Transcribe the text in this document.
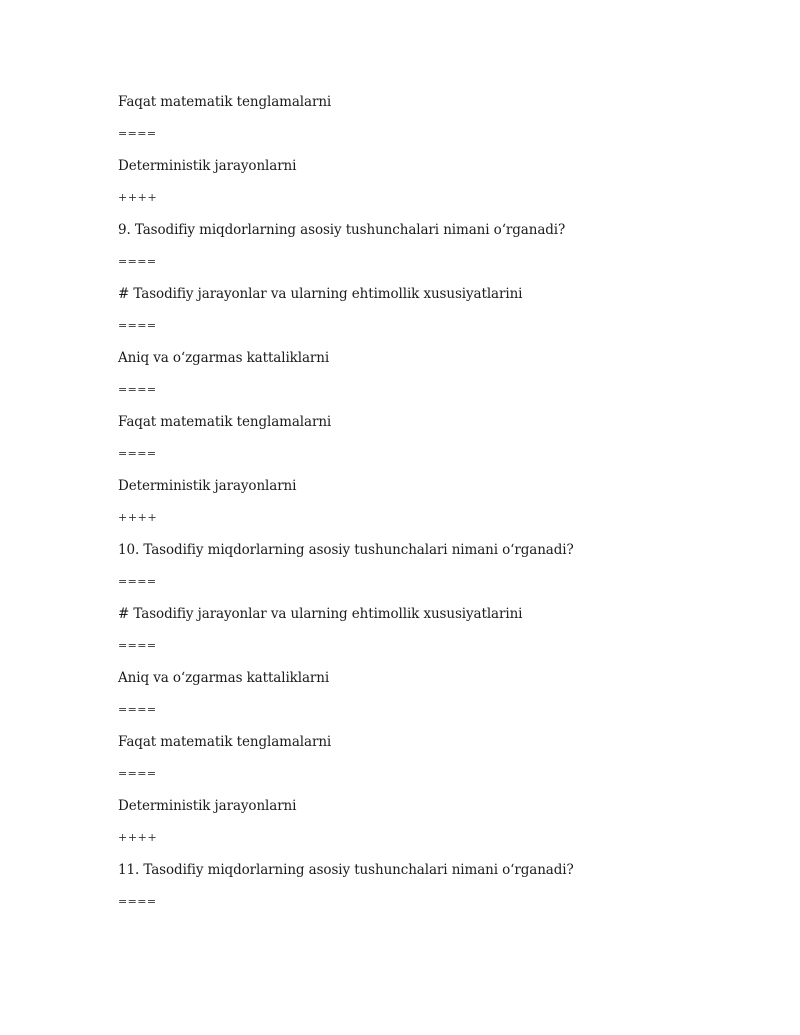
Faqat matematik tenglamalarni
====
Deterministik jarayonlarni
++++
9. Tasodifiy miqdorlarning asosiy tushunchalari nimani o‘rganadi?
====
# Tasodifiy jarayonlar va ularning ehtimollik xususiyatlarini
====
Aniq va o‘zgarmas kattaliklarni
====
Faqat matematik tenglamalarni
====
Deterministik jarayonlarni
++++
10. Tasodifiy miqdorlarning asosiy tushunchalari nimani o‘rganadi?
====
# Tasodifiy jarayonlar va ularning ehtimollik xususiyatlarini
====
Aniq va o‘zgarmas kattaliklarni
====
Faqat matematik tenglamalarni
====
Deterministik jarayonlarni
++++
11. Tasodifiy miqdorlarning asosiy tushunchalari nimani o‘rganadi?
====
